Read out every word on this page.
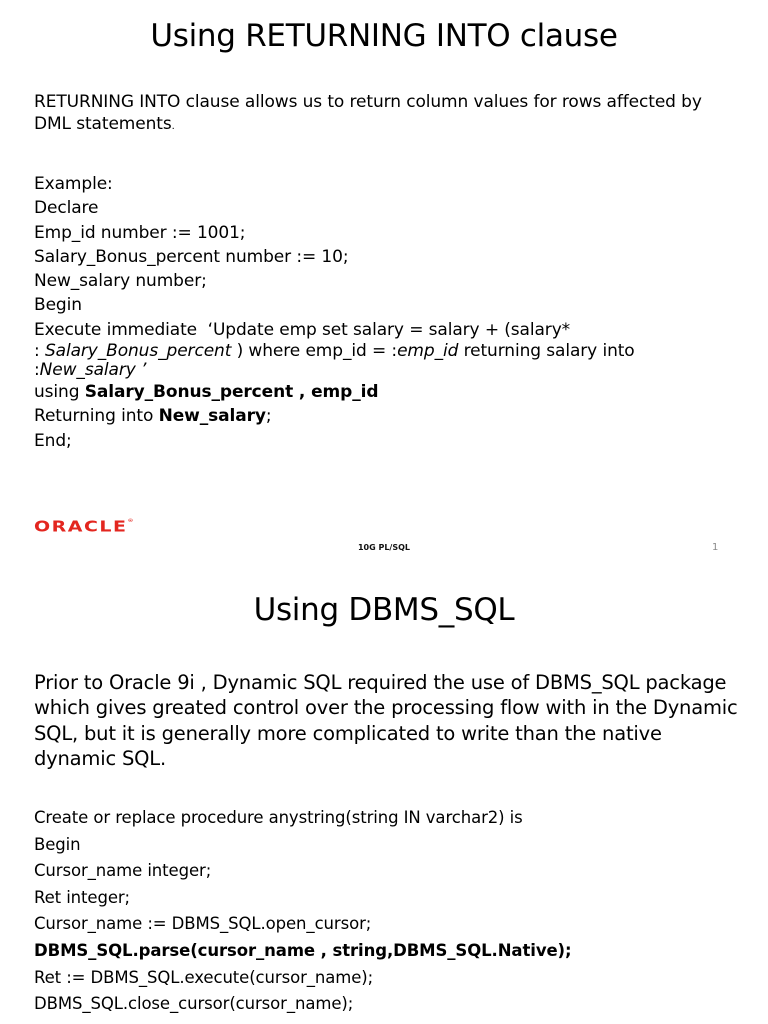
Using RETURNING INTO clause
RETURNING INTO clause allows us to return column values for rows affected by DML statements.
Example:
Declare
Emp_id number := 1001;
Salary_Bonus_percent number := 10;
New_salary number;
Begin
Execute immediate  ‘Update emp set salary = salary + (salary*
: Salary_Bonus_percent ) where emp_id = :emp_id returning salary into
:New_salary ’
using Salary_Bonus_percent , emp_id
Returning into New_salary;
End;
ORACLE®
10G PL/SQL	1
Using DBMS_SQL
Prior to Oracle 9i , Dynamic SQL required the use of DBMS_SQL package which gives greated control over the processing flow with in the Dynamic SQL, but it is generally more complicated to write than the native dynamic SQL.
Create or replace procedure anystring(string IN varchar2) is
Begin
Cursor_name integer;
Ret integer;
Cursor_name := DBMS_SQL.open_cursor;
DBMS_SQL.parse(cursor_name , string,DBMS_SQL.Native);
Ret := DBMS_SQL.execute(cursor_name);
DBMS_SQL.close_cursor(cursor_name);
